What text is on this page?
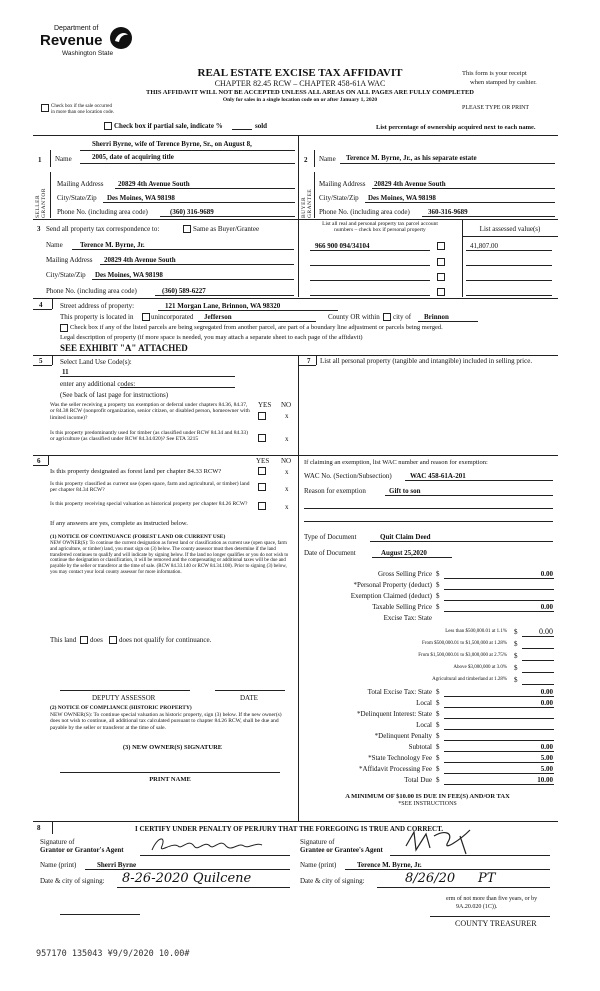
Department of
Revenue
Washington State
REAL ESTATE EXCISE TAX AFFIDAVIT
CHAPTER 82.45 RCW – CHAPTER 458-61A WAC
THIS AFFIDAVIT WILL NOT BE ACCEPTED UNLESS ALL AREAS ON ALL PAGES ARE FULLY COMPLETED
Only for sales in a single location code on or after January 1, 2020
This form is your receipt
when stamped by cashier.
PLEASE TYPE OR PRINT
Check box if the sale occurred
in more than one location code.
Check box if partial sale, indicate %	sold	List percentage of ownership acquired next to each name.
1 Name
Sherri Byrne, wife of Terence Byrne, Sr., on August 8,
2005, date of acquiring title
SELLER GRANTOR
Mailing Address 20829 4th Avenue South
City/State/Zip Des Moines, WA 98198
Phone No. (including area code)	(360) 316-9689
2 Name Terence M. Byrne, Jr., as his separate estate
BUYER GRANTEE
Mailing Address 20829 4th Avenue South
City/State/Zip Des Moines, WA 98198
Phone No. (including area code)	360-316-9689
3 Send all property tax correspondence to:	Same as Buyer/Grantee
List all real and personal property tax parcel account
numbers – check box if personal property	List assessed value(s)
Name Terence M. Byrne, Jr.
Mailing Address 20829 4th Avenue South
City/State/Zip Des Moines, WA 98198
Phone No. (including area code)	(360) 589-6227
966 900 094/34104	41,807.00
4	Street address of property:	121 Morgan Lane, Brinnon, WA 98320
This property is located in	unincorporated Jefferson	County OR within city of Brinnon
Check box if any of the listed parcels are being segregated from another parcel, are part of a boundary line adjustment or parcels being merged.
Legal description of property (if more space is needed, you may attach a separate sheet to each page of the affidavit)
SEE EXHIBIT "A" ATTACHED
5	Select Land Use Code(s):
11
enter any additional codes:
(See back of last page for instructions)
YES NO
Was the seller receiving a property tax exemption or deferral under chapters 84.36, 84.37, or 84.38 RCW (nonprofit organization, senior citizen, or disabled person, homeowner with limited income)?	x
Is this property predominantly used for timber (as classified under RCW 84.34 and 84.33) or agriculture (as classified under RCW 84.34.020)? See ETA 3215	x
7 List all personal property (tangible and intangible) included in selling price.
6	YES NO
Is this property designated as forest land per chapter 84.33 RCW?	x
Is this property classified as current use (open space, farm and agricultural, or timber) land per chapter 84.34 RCW?	x
Is this property receiving special valuation as historical property per chapter 84.26 RCW?	x
If any answers are yes, complete as instructed below.
(1) NOTICE OF CONTINUANCE (FOREST LAND OR CURRENT USE)
NEW OWNER(S): To continue the current designation as forest land or classification as current use (open space, farm and agriculture, or timber) land, you must sign on (3) below. The county assessor must then determine if the land transferred continues to qualify and will indicate by signing below. If the land no longer qualifies or you do not wish to continue the designation or classification, it will be removed and the compensating or additional taxes will be due and payable by the seller or transferor at the time of sale. (RCW 84.33.140 or RCW 84.34.108). Prior to signing (3) below, you may contact your local county assessor for more information.
This land does does not qualify for continuance.
DEPUTY ASSESSOR	DATE
(2) NOTICE OF COMPLIANCE (HISTORIC PROPERTY)
NEW OWNER(S): To continue special valuation as historic property, sign (3) below. If the new owner(s) does not wish to continue, all additional tax calculated pursuant to chapter 84.26 RCW, shall be due and payable by the seller or transferor at the time of sale.
(3) NEW OWNER(S) SIGNATURE
PRINT NAME
If claiming an exemption, list WAC number and reason for exemption:
WAC No. (Section/Subsection)	WAC 458-61A-201
Reason for exemption	Gift to son
Type of Document	Quit Claim Deed
Date of Document	August 25,2020
Gross Selling Price $	0.00
*Personal Property (deduct) $
Exemption Claimed (deduct) $
Taxable Selling Price $	0.00
Excise Tax: State
Less than $500,000.01 at 1.1% $	0.00
From $500,000.01 to $1,500,000 at 1.28% $
From $1,500,000.01 to $3,000,000 at 2.75% $
Above $3,000,000 at 3.0% $
Agricultural and timberland at 1.28% $
Total Excise Tax: State $	0.00
Local $	0.00
*Delinquent Interest: State $
Local $
*Delinquent Penalty $
Subtotal $	0.00
*State Technology Fee $	5.00
*Affidavit Processing Fee $	5.00
Total Due $	10.00
A MINIMUM OF $10.00 IS DUE IN FEE(S) AND/OR TAX
*SEE INSTRUCTIONS
8	I CERTIFY UNDER PENALTY OF PERJURY THAT THE FOREGOING IS TRUE AND CORRECT.
Signature of
Grantor or Grantor's Agent
Name (print)	Sherri Byrne
Date & city of signing: 8-26-2020 Quilcene
Signature of
Grantee or Grantee's Agent
Name (print)	Terence M. Byrne, Jr.
Date & city of signing:	8/26/20 PT
erm of not more than five years, or by
9A.20.020 (1C)).
COUNTY TREASURER
957170 135043 ¥9/9/2020 10.00#
